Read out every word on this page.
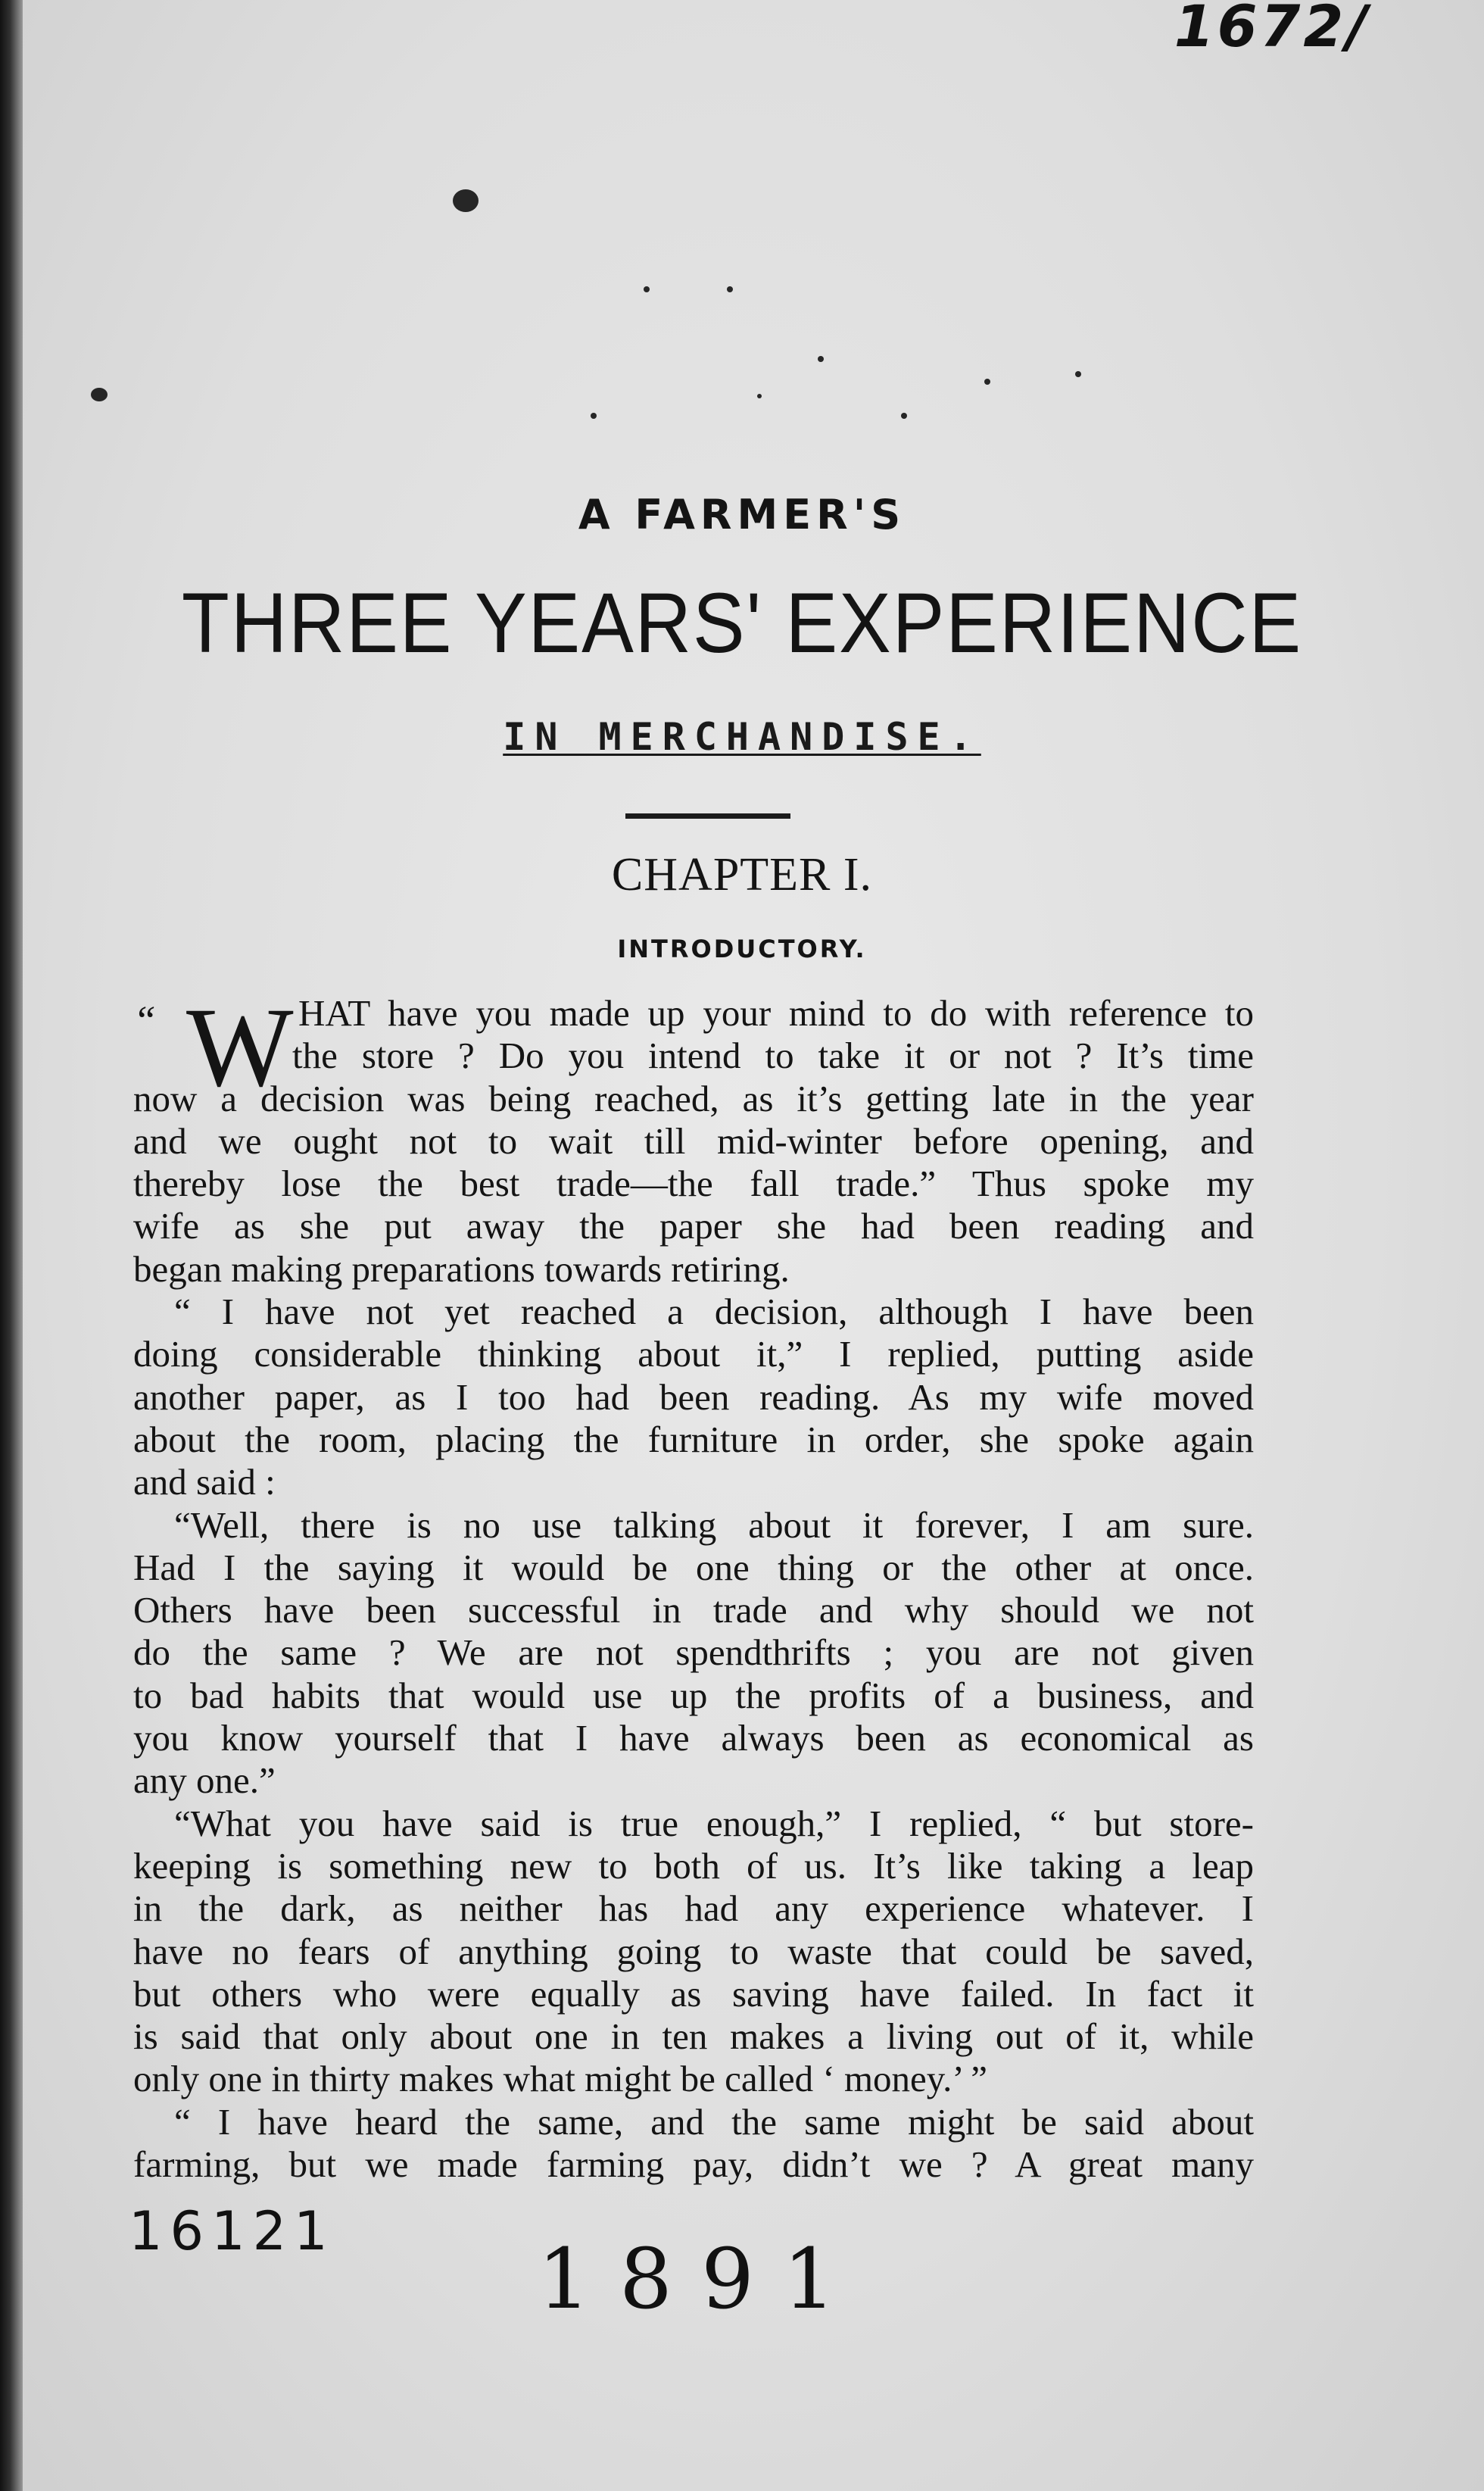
1672/
A FARMER'S
THREE YEARS' EXPERIENCE
IN MERCHANDISE.
CHAPTER I.
INTRODUCTORY.
“ W HAT have you made up your mind to do with reference to
the store ? Do you intend to take it or not ? It’s time
now a decision was being reached, as it’s getting late in the year
and we ought not to wait till mid-winter before opening, and
thereby lose the best trade—the fall trade.” Thus spoke my
wife as she put away the paper she had been reading and
began making preparations towards retiring.
“ I have not yet reached a decision, although I have been
doing considerable thinking about it,” I replied, putting aside
another paper, as I too had been reading. As my wife moved
about the room, placing the furniture in order, she spoke again
and said :
“Well, there is no use talking about it forever, I am sure.
Had I the saying it would be one thing or the other at once.
Others have been successful in trade and why should we not
do the same ? We are not spendthrifts ; you are not given
to bad habits that would use up the profits of a business, and
you know yourself that I have always been as economical as
any one.”
“What you have said is true enough,” I replied, “ but store-
keeping is something new to both of us. It’s like taking a leap
in the dark, as neither has had any experience whatever. I
have no fears of anything going to waste that could be saved,
but others who were equally as saving have failed. In fact it
is said that only about one in ten makes a living out of it, while
only one in thirty makes what might be called ‘ money.’ ”
“ I have heard the same, and the same might be said about
farming, but we made farming pay, didn’t we ? A great many
16121 1891
